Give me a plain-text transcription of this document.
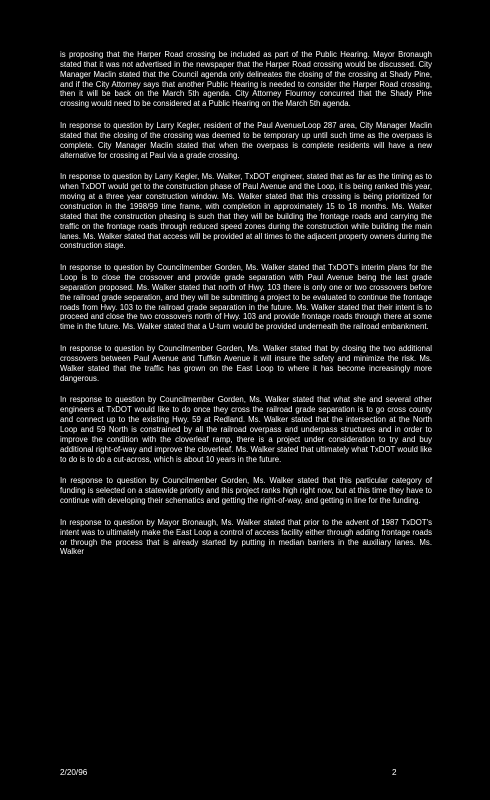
is proposing that the Harper Road crossing be included as part of the Public Hearing. Mayor Bronaugh stated that it was not advertised in the newspaper that the Harper Road crossing would be discussed. City Manager Maclin stated that the Council agenda only delineates the closing of the crossing at Shady Pine, and if the City Attorney says that another Public Hearing is needed to consider the Harper Road crossing, then it will be back on the March 5th agenda. City Attorney Flournoy concurred that the Shady Pine crossing would need to be considered at a Public Hearing on the March 5th agenda.

In response to question by Larry Kegler, resident of the Paul Avenue/Loop 287 area, City Manager Maclin stated that the closing of the crossing was deemed to be temporary up until such time as the overpass is complete. City Manager Maclin stated that when the overpass is complete residents will have a new alternative for crossing at Paul via a grade crossing.

In response to question by Larry Kegler, Ms. Walker, TxDOT engineer, stated that as far as the timing as to when TxDOT would get to the construction phase of Paul Avenue and the Loop, it is being ranked this year, moving at a three year construction window. Ms. Walker stated that this crossing is being prioritized for construction in the 1998/99 time frame, with completion in approximately 15 to 18 months. Ms. Walker stated that the construction phasing is such that they will be building the frontage roads and carrying the traffic on the frontage roads through reduced speed zones during the construction while building the main lanes. Ms. Walker stated that access will be provided at all times to the adjacent property owners during the construction stage.

In response to question by Councilmember Gorden, Ms. Walker stated that TxDOT's interim plans for the Loop is to close the crossover and provide grade separation with Paul Avenue being the last grade separation proposed. Ms. Walker stated that north of Hwy. 103 there is only one or two crossovers before the railroad grade separation, and they will be submitting a project to be evaluated to continue the frontage roads from Hwy. 103 to the railroad grade separation in the future. Ms. Walker stated that their intent is to proceed and close the two crossovers north of Hwy. 103 and provide frontage roads through there at some time in the future. Ms. Walker stated that a U-turn would be provided underneath the railroad embankment.

In response to question by Councilmember Gorden, Ms. Walker stated that by closing the two additional crossovers between Paul Avenue and Tuffkin Avenue it will insure the safety and minimize the risk. Ms. Walker stated that the traffic has grown on the East Loop to where it has become increasingly more dangerous.

In response to question by Councilmember Gorden, Ms. Walker stated that what she and several other engineers at TxDOT would like to do once they cross the railroad grade separation is to go cross county and connect up to the existing Hwy. 59 at Redland. Ms. Walker stated that the intersection at the North Loop and 59 North is constrained by all the railroad overpass and underpass structures and in order to improve the condition with the cloverleaf ramp, there is a project under consideration to try and buy additional right-of-way and improve the cloverleaf. Ms. Walker stated that ultimately what TxDOT would like to do is to do a cut-across, which is about 10 years in the future.

In response to question by Councilmember Gorden, Ms. Walker stated that this particular category of funding is selected on a statewide priority and this project ranks high right now, but at this time they have to continue with developing their schematics and getting the right-of-way, and getting in line for the funding.

In response to question by Mayor Bronaugh, Ms. Walker stated that prior to the advent of 1987 TxDOT's intent was to ultimately make the East Loop a control of access facility either through adding frontage roads or through the process that is already started by putting in median barriers in the auxiliary lanes. Ms. Walker

2/20/96	2
